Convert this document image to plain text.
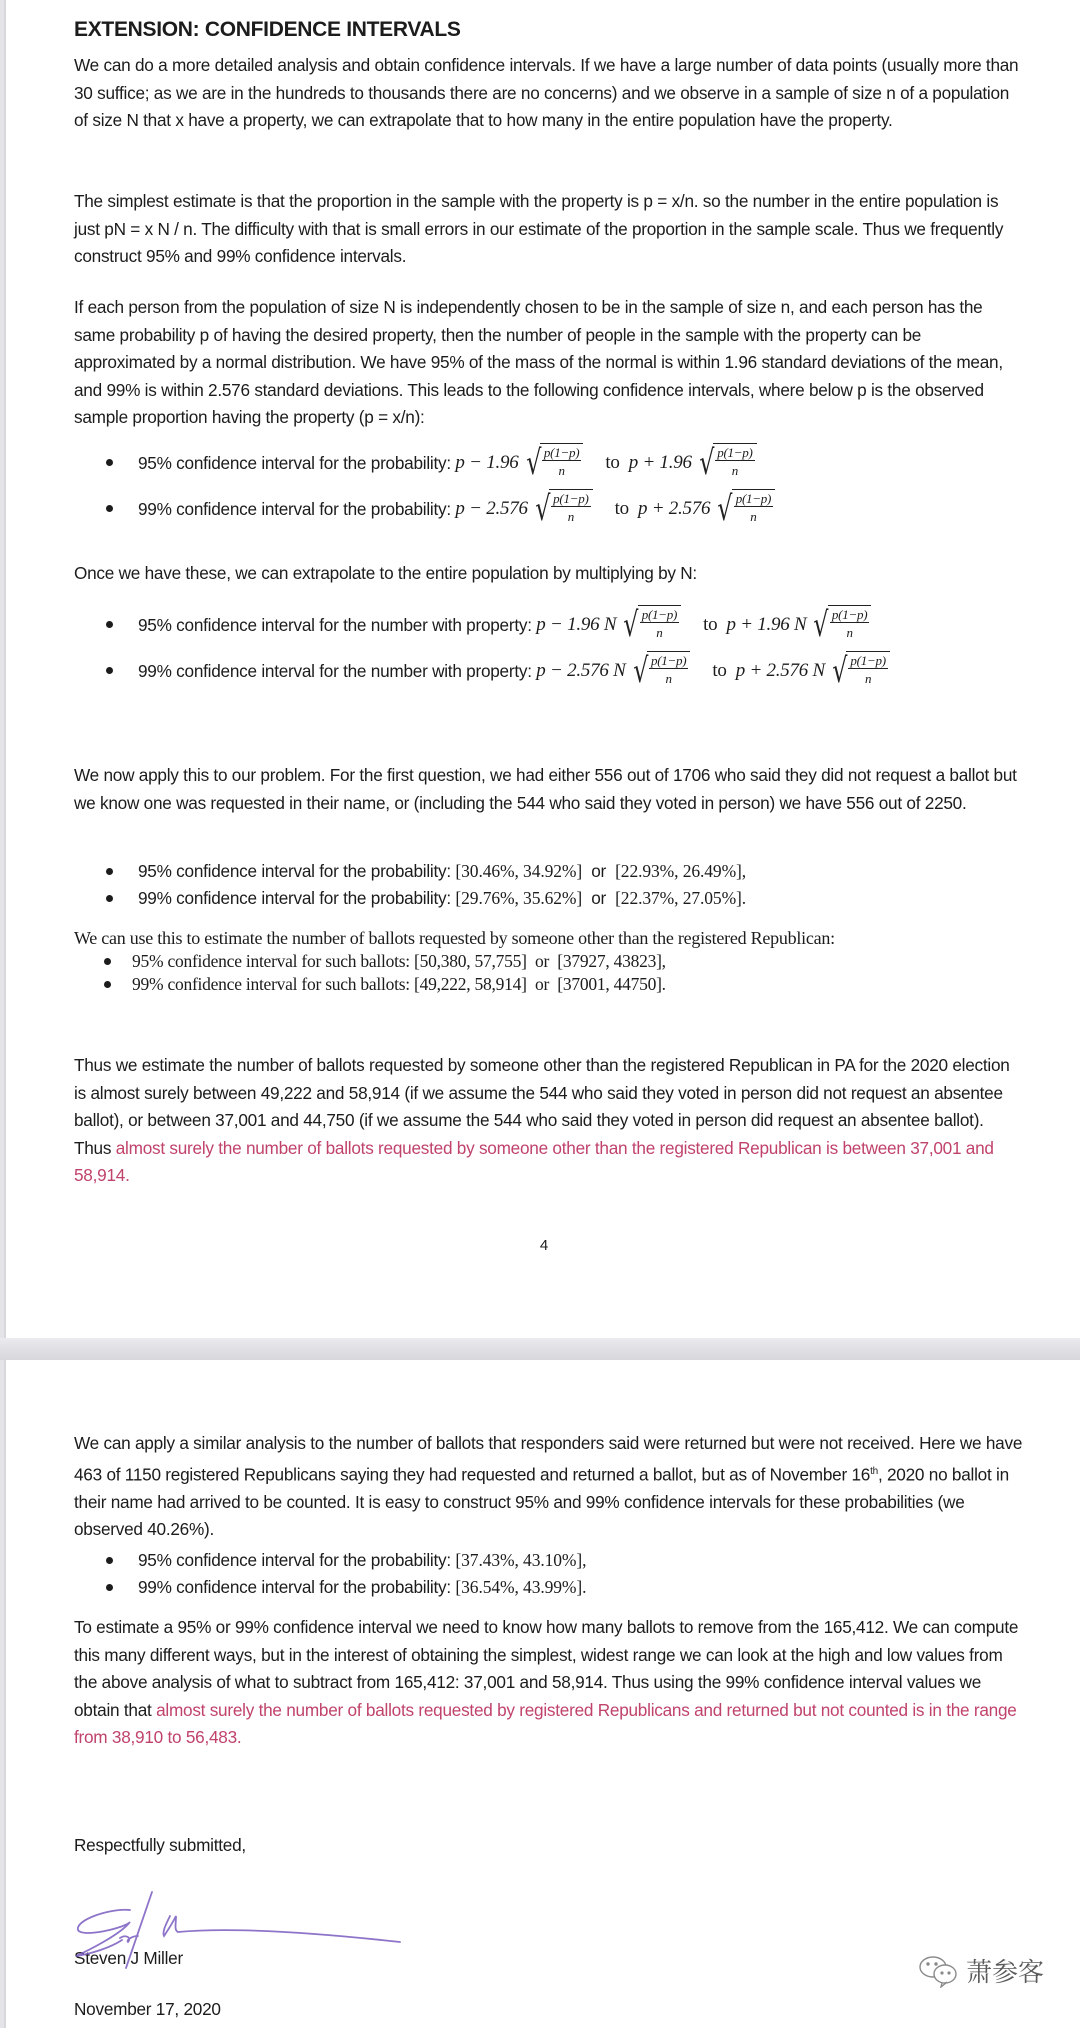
EXTENSION: CONFIDENCE INTERVALS

We can do a more detailed analysis and obtain confidence intervals. If we have a large number of data points (usually more than 30 suffice; as we are in the hundreds to thousands there are no concerns) and we observe in a sample of size n of a population of size N that x have a property, we can extrapolate that to how many in the entire population have the property.

The simplest estimate is that the proportion in the sample with the property is p = x/n. so the number in the entire population is just pN = x N / n. The difficulty with that is small errors in our estimate of the proportion in the sample scale. Thus we frequently construct 95% and 99% confidence intervals.

If each person from the population of size N is independently chosen to be in the sample of size n, and each person has the same probability p of having the desired property, then the number of people in the sample with the property can be approximated by a normal distribution. We have 95% of the mass of the normal is within 1.96 standard deviations of the mean, and 99% is within 2.576 standard deviations. This leads to the following confidence intervals, where below p is the observed sample proportion having the property (p = x/n):

95% confidence interval for the probability:
p − 1.96 √ $\frac{p(1-p)}{n}$ to
p + 1.96 √ $\frac{p(1-p)}{n}$
99% confidence interval for the probability:
p − 2.576 √ $\frac{p(1-p)}{n}$ to
p + 2.576 √ $\frac{p(1-p)}{n}$

Once we have these, we can extrapolate to the entire population by multiplying by N:

95% confidence interval for the number with property:
p − 1.96 N √ $\frac{p(1-p)}{n}$ to
p + 1.96 N √ $\frac{p(1-p)}{n}$
99% confidence interval for the number with property:
p − 2.576 N √ $\frac{p(1-p)}{n}$ to
p + 2.576 N √ $\frac{p(1-p)}{n}$

We now apply this to our problem. For the first question, we had either 556 out of 1706 who said they did not request a ballot but we know one was requested in their name, or (including the 544 who said they voted in person) we have 556 out of 2250.

95% confidence interval for the probability: [30.46%, 34.92%] or [22.93%, 26.49%],
99% confidence interval for the probability: [29.76%, 35.62%] or [22.37%, 27.05%].

We can use this to estimate the number of ballots requested by someone other than the registered Republican:

95% confidence interval for such ballots: [50,380, 57,755] or [37927, 43823],
99% confidence interval for such ballots: [49,222, 58,914] or [37001, 44750].

Thus we estimate the number of ballots requested by someone other than the registered Republican in PA for the 2020 election is almost surely between 49,222 and 58,914 (if we assume the 544 who said they voted in person did not request an absentee ballot), or between 37,001 and 44,750 (if we assume the 544 who said they voted in person did request an absentee ballot). Thus almost surely the number of ballots requested by someone other than the registered Republican is between 37,001 and 58,914.

4

We can apply a similar analysis to the number of ballots that responders said were returned but were not received. Here we have 463 of 1150 registered Republicans saying they had requested and returned a ballot, but as of November 16th, 2020 no ballot in their name had arrived to be counted. It is easy to construct 95% and 99% confidence intervals for these probabilities (we observed 40.26%).

95% confidence interval for the probability: [37.43%, 43.10%],
99% confidence interval for the probability: [36.54%, 43.99%].

To estimate a 95% or 99% confidence interval we need to know how many ballots to remove from the 165,412. We can compute this many different ways, but in the interest of obtaining the simplest, widest range we can look at the high and low values from the above analysis of what to subtract from 165,412: 37,001 and 58,914. Thus using the 99% confidence interval values we obtain that almost surely the number of ballots requested by registered Republicans and returned but not counted is in the range from 38,910 to 56,483.

Respectfully submitted,

Steven J Miller

November 17, 2020

萧参客
